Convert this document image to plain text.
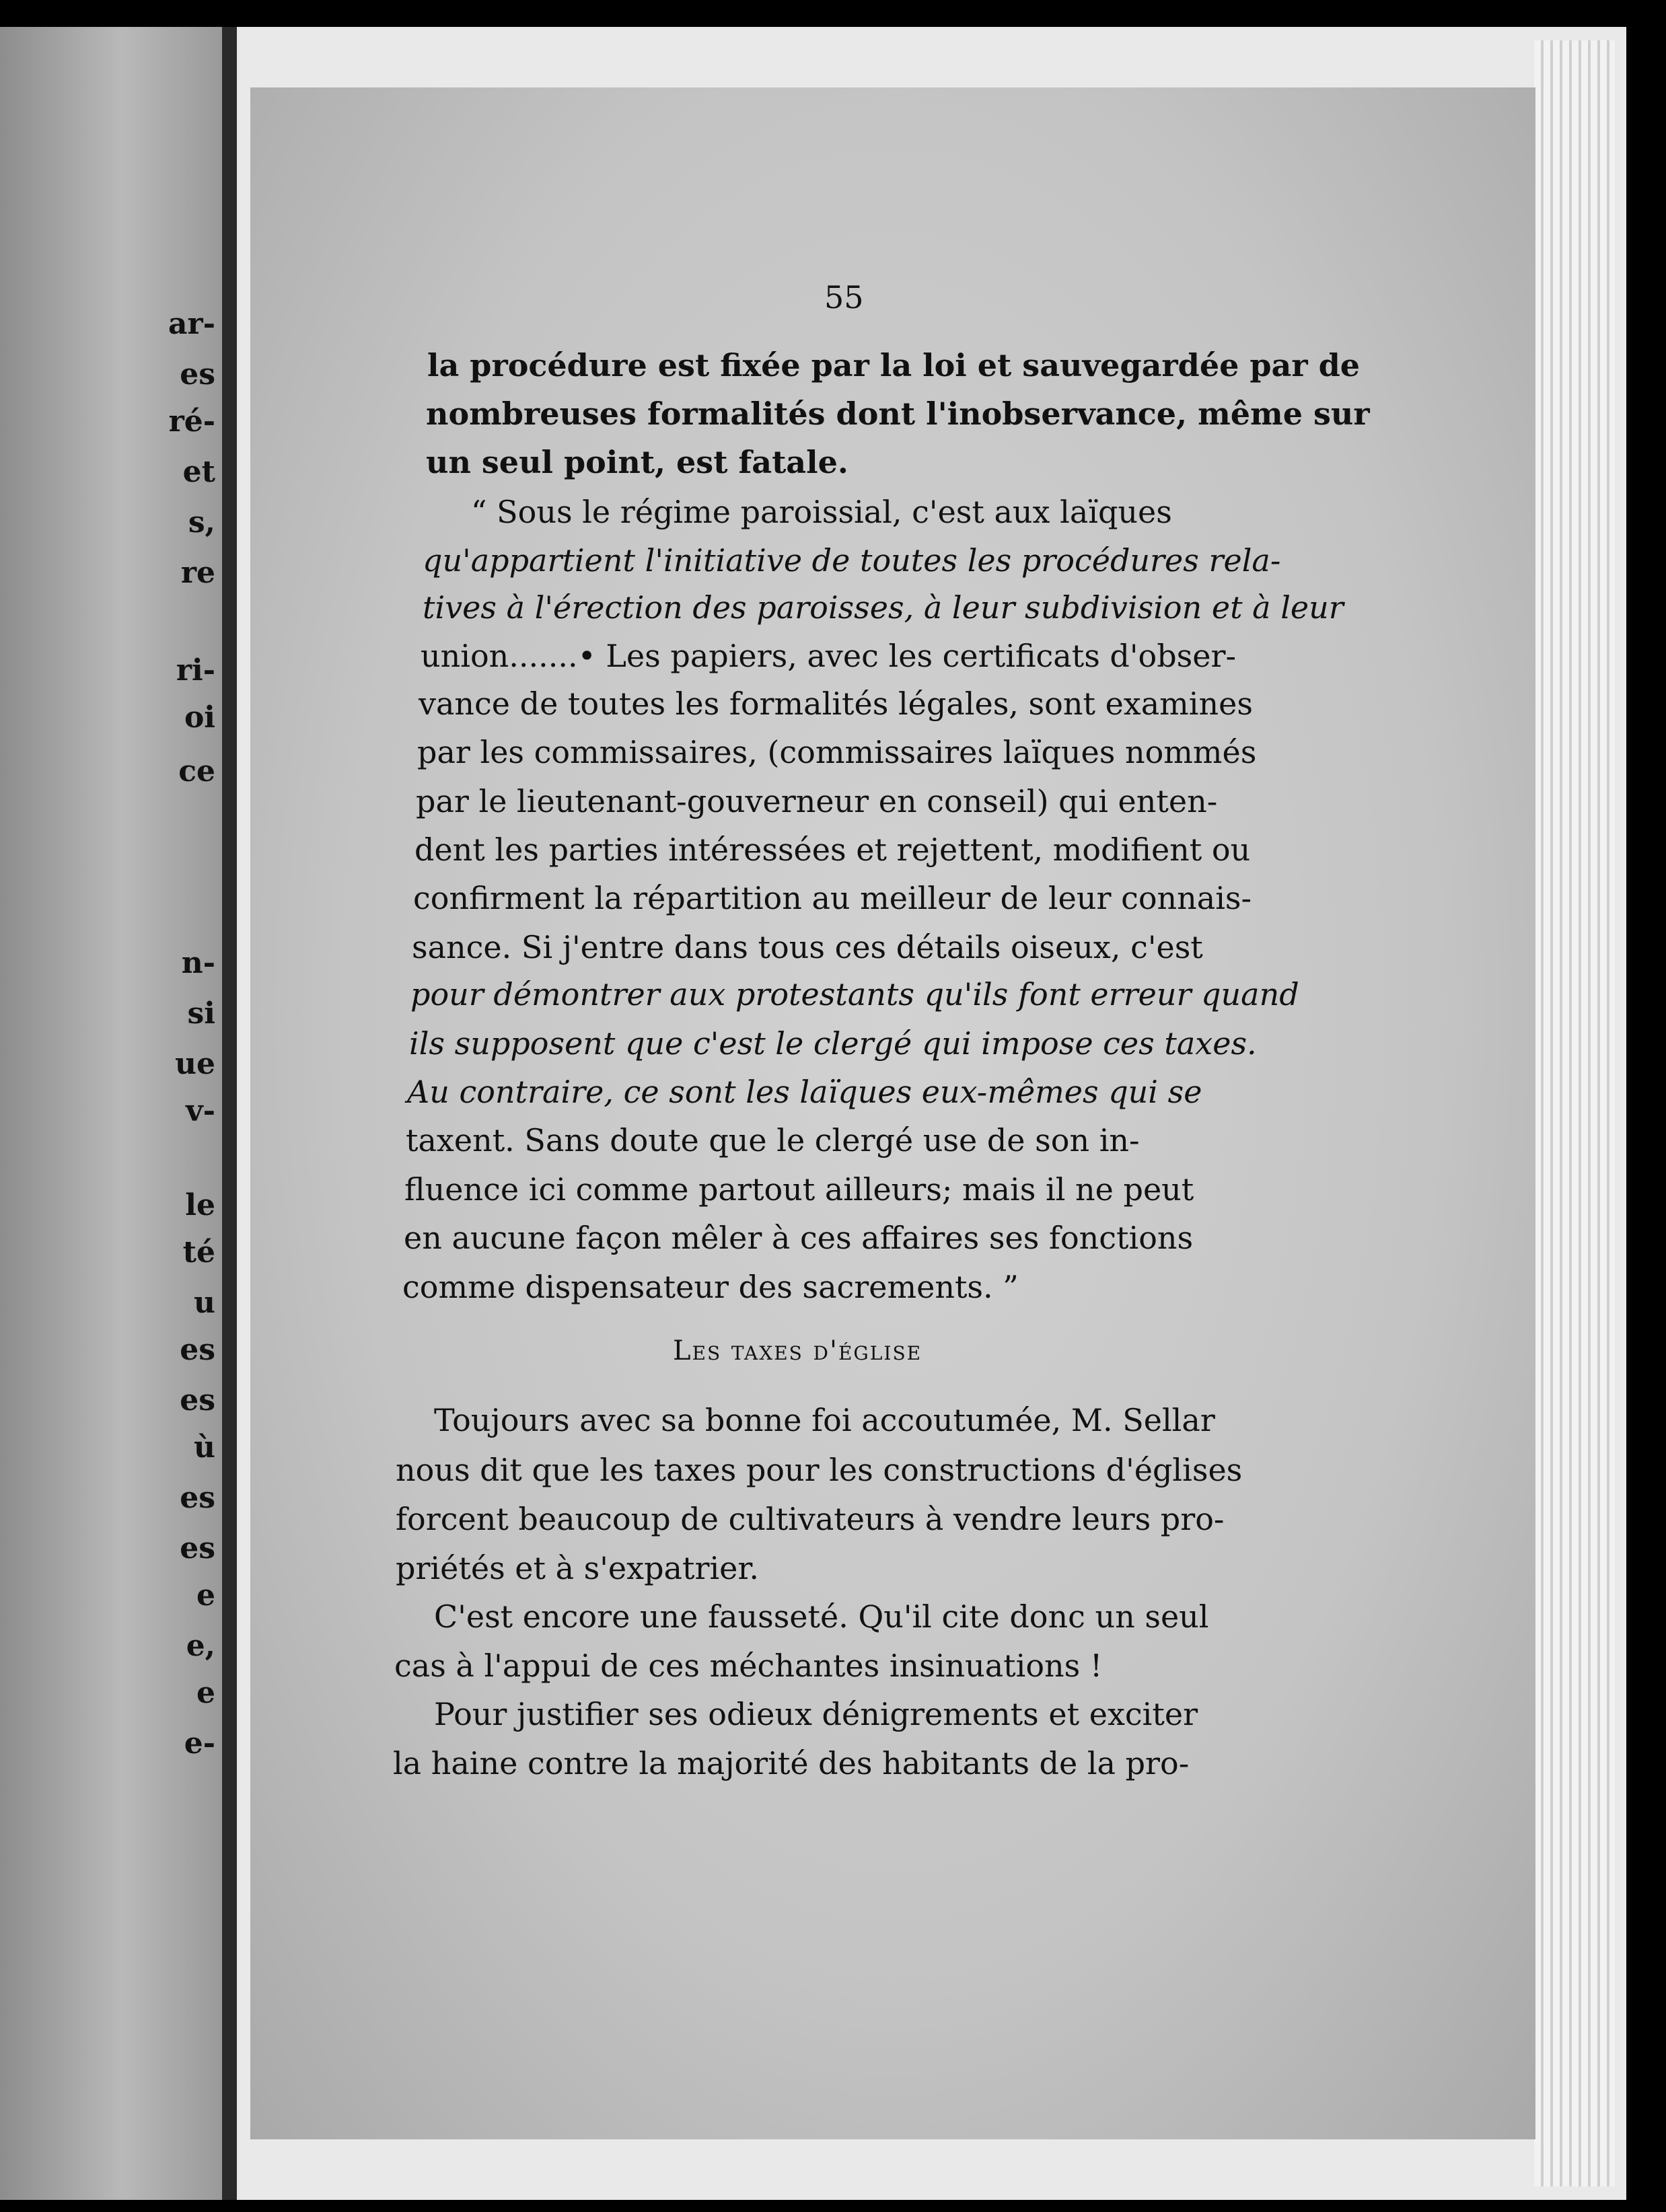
ar-
es
ré-
et
s,
re
ri-
oi
ce
n-
si
ue
v-
le
té
u
es
es
ù
es
es
e
e,
e
e-
55
la procédure est fixée par la loi et sauvegardée par de
nombreuses formalités dont l'inobservance, même sur
un seul point, est fatale.
“ Sous le régime paroissial, c'est aux laïques
qu'appartient l'initiative de toutes les procédures rela-
tives à l'érection des paroisses, à leur subdivision et à leur
union.......• Les papiers, avec les certificats d'obser-
vance de toutes les formalités légales, sont examines
par les commissaires, (commissaires laïques nommés
par le lieutenant-gouverneur en conseil) qui enten-
dent les parties intéressées et rejettent, modifient ou
confirment la répartition au meilleur de leur connais-
sance. Si j'entre dans tous ces détails oiseux, c'est
pour démontrer aux protestants qu'ils font erreur quand
ils supposent que c'est le clergé qui impose ces taxes.
Au contraire, ce sont les laïques eux-mêmes qui se
taxent. Sans doute que le clergé use de son in-
fluence ici comme partout ailleurs; mais il ne peut
en aucune façon mêler à ces affaires ses fonctions
comme dispensateur des sacrements. ”
Les taxes d'église
Toujours avec sa bonne foi accoutumée, M. Sellar
nous dit que les taxes pour les constructions d'églises
forcent beaucoup de cultivateurs à vendre leurs pro-
priétés et à s'expatrier.
C'est encore une fausseté. Qu'il cite donc un seul
cas à l'appui de ces méchantes insinuations !
Pour justifier ses odieux dénigrements et exciter
la haine contre la majorité des habitants de la pro-
